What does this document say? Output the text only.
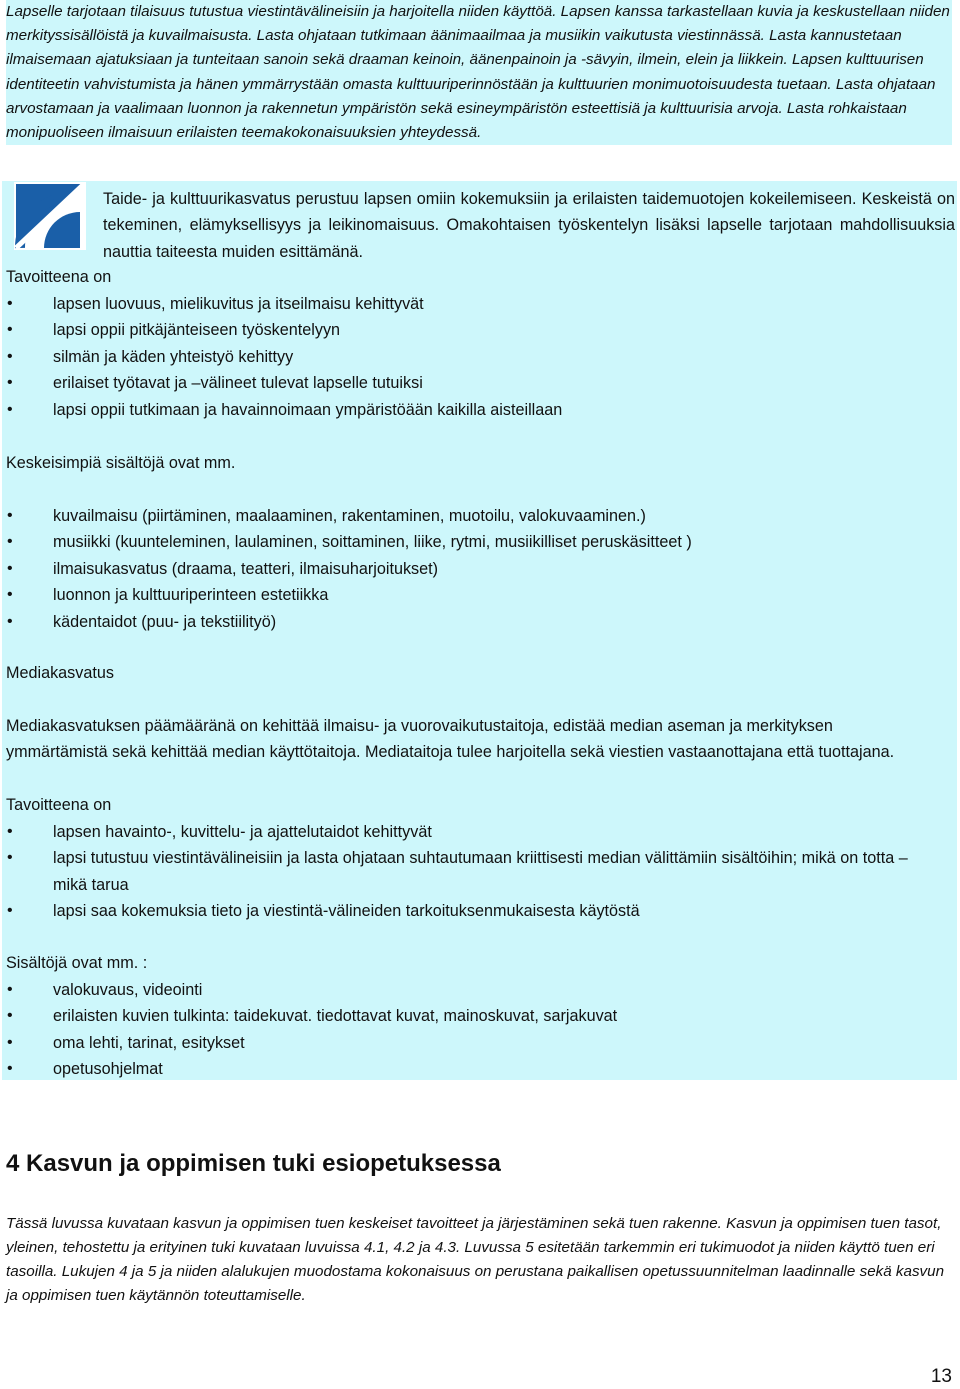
Lapselle tarjotaan tilaisuus tutustua viestintävälineisiin ja harjoitella niiden käyttöä. Lapsen kanssa tarkastellaan kuvia ja keskustellaan niiden merkityssisällöistä ja kuvailmaisusta. Lasta ohjataan tutkimaan äänimaailmaa ja musiikin vaikutusta viestinnässä. Lasta kannustetaan ilmaisemaan ajatuksiaan ja tunteitaan sanoin sekä draaman keinoin, äänenpainoin ja -sävyin, ilmein, elein ja liikkein. Lapsen kulttuurisen identiteetin vahvistumista ja hänen ymmärrystään omasta kulttuuriperinnöstään ja kulttuurien monimuotoisuudesta tuetaan. Lasta ohjataan arvostamaan ja vaalimaan luonnon ja rakennetun ympäristön sekä esineympäristön esteettisiä ja kulttuurisia arvoja. Lasta rohkaistaan monipuoliseen ilmaisuun erilaisten teemakokonaisuuksien yhteydessä.

Taide- ja kulttuurikasvatus perustuu lapsen omiin kokemuksiin ja erilaisten taidemuotojen kokeilemiseen. Keskeistä on tekeminen, elämyksellisyys ja leikinomaisuus. Omakohtaisen työskentelyn lisäksi lapselle tarjotaan mahdollisuuksia nauttia taiteesta muiden esittämänä.
Tavoitteena on
•	lapsen luovuus, mielikuvitus ja itseilmaisu kehittyvät
•	lapsi oppii pitkäjänteiseen työskentelyyn
•	silmän ja käden yhteistyö kehittyy
•	erilaiset työtavat ja –välineet tulevat lapselle tutuiksi
•	lapsi oppii tutkimaan ja havainnoimaan ympäristöään kaikilla aisteillaan
Keskeisimpiä sisältöjä ovat mm.
•	kuvailmaisu (piirtäminen, maalaaminen, rakentaminen, muotoilu, valokuvaaminen.)
•	musiikki (kuunteleminen, laulaminen, soittaminen, liike, rytmi, musiikilliset peruskäsitteet )
•	ilmaisukasvatus (draama, teatteri, ilmaisuharjoitukset)
•	luonnon ja kulttuuriperinteen estetiikka
•	kädentaidot (puu- ja tekstiilityö)
Mediakasvatus
Mediakasvatuksen päämääränä on kehittää ilmaisu- ja vuorovaikutustaitoja, edistää median aseman ja merkityksen ymmärtämistä sekä kehittää median käyttötaitoja. Mediataitoja tulee harjoitella sekä viestien vastaanottajana että tuottajana.
Tavoitteena on
•	lapsen havainto-, kuvittelu- ja ajattelutaidot kehittyvät
•	lapsi tutustuu viestintävälineisiin ja lasta ohjataan suhtautumaan kriittisesti median välittämiin sisältöihin; mikä on totta – mikä tarua
•	lapsi saa kokemuksia tieto ja viestintä-välineiden tarkoituksenmukaisesta käytöstä
Sisältöjä ovat mm. :
•	valokuvaus, videointi
•	erilaisten kuvien tulkinta: taidekuvat. tiedottavat kuvat, mainoskuvat, sarjakuvat
•	oma lehti, tarinat, esitykset
•	opetusohjelmat
4 Kasvun ja oppimisen tuki esiopetuksessa
Tässä luvussa kuvataan kasvun ja oppimisen tuen keskeiset tavoitteet ja järjestäminen sekä tuen rakenne. Kasvun ja oppimisen tuen tasot, yleinen, tehostettu ja erityinen tuki kuvataan luvuissa 4.1, 4.2 ja 4.3. Luvussa 5 esitetään tarkemmin eri tukimuodot ja niiden käyttö tuen eri tasoilla. Lukujen 4 ja 5 ja niiden alalukujen muodostama kokonaisuus on perustana paikallisen opetussuunnitelman laadinnalle sekä kasvun ja oppimisen tuen käytännön toteuttamiselle.
13
